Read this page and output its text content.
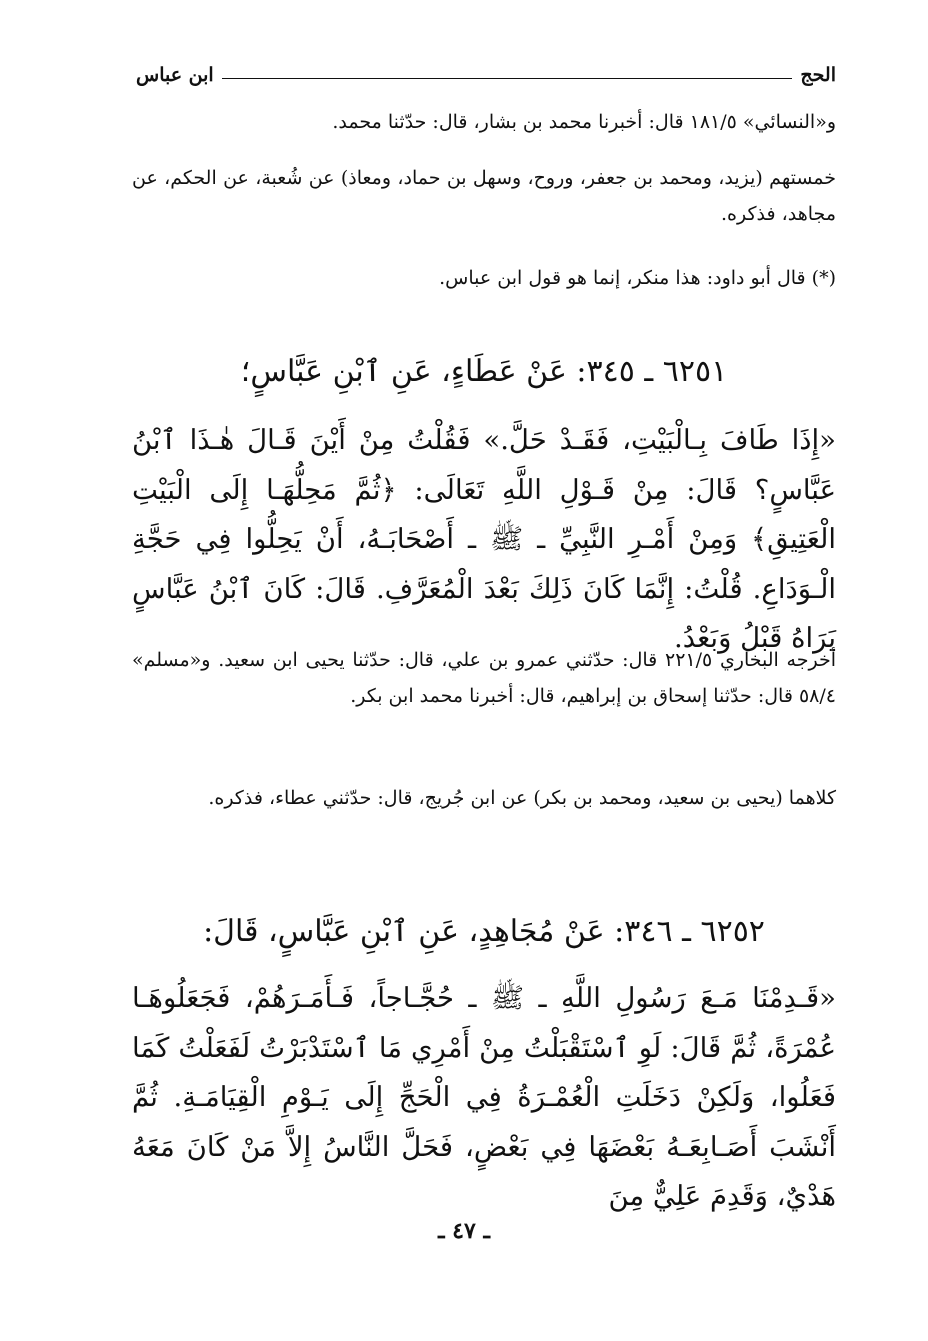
الحج
ابن عباس

و«النسائي» ١٨١/٥ قال: أخبرنا محمد بن بشار، قال: حدّثنا محمد.

خمستهم (يزيد، ومحمد بن جعفر، وروح، وسهل بن حماد، ومعاذ) عن شُعبة، عن الحكم، عن مجاهد، فذكره.

(*) قال أبو داود: هذا منكر، إنما هو قول ابن عباس.

٦٢٥١ ـ ٣٤٥: عَنْ عَطَاءٍ، عَنِ ٱبْنِ عَبَّاسٍ؛

«إِذَا طَافَ بِـالْبَيْتِ، فَقَـدْ حَلَّ.» فَقُلْتُ مِنْ أَيْنَ قَـالَ هٰـذَا ٱبْنُ عَبَّاسٍ؟ قَالَ: مِنْ قَـوْلِ اللَّهِ تَعَالَى: ﴿ثُمَّ مَحِلُّهَـا إِلَى الْبَيْتِ الْعَتِيقِ﴾ وَمِنْ أَمْـرِ النَّبِيِّ ـ ﷺ ـ أَصْحَابَـهُ، أَنْ يَحِلُّوا فِي حَجَّةِ الْـوَدَاعِ. قُلْتُ: إِنَّمَا كَانَ ذَلِكَ بَعْدَ الْمُعَرَّفِ. قَالَ: كَانَ ٱبْنُ عَبَّاسٍ يَرَاهُ قَبْلُ وَبَعْدُ.

أخرجه البخاري ٢٢١/٥ قال: حدّثني عمرو بن علي، قال: حدّثنا يحيى ابن سعيد. و«مسلم» ٥٨/٤ قال: حدّثنا إسحاق بن إبراهيم، قال: أخبرنا محمد ابن بكر.

كلاهما (يحيى بن سعيد، ومحمد بن بكر) عن ابن جُريج، قال: حدّثني عطاء، فذكره.

٦٢٥٢ ـ ٣٤٦: عَنْ مُجَاهِدٍ، عَنِ ٱبْنِ عَبَّاسٍ، قَالَ:

«قَـدِمْنَا مَـعَ رَسُولِ اللَّهِ ـ ﷺ ـ حُجَّـاجاً، فَـأَمَـرَهُمْ، فَجَعَلُوهَـا عُمْرَةً، ثُمَّ قَالَ: لَوِ ٱسْتَقْبَلْتُ مِنْ أَمْرِي مَا ٱسْتَدْبَرْتُ لَفَعَلْتُ كَمَا فَعَلُوا، وَلَكِنْ دَخَلَتِ الْعُمْـرَةُ فِي الْحَجِّ إِلَى يَـوْمِ الْقِيَامَـةِ. ثُمَّ أَنْشَبَ أَصَـابِعَـهُ بَعْضَهَا فِي بَعْضٍ، فَحَلَّ النَّاسُ إِلاَّ مَنْ كَانَ مَعَهُ هَدْيٌ، وَقَدِمَ عَلِيٌّ مِنَ

ـ ٤٧ ـ
